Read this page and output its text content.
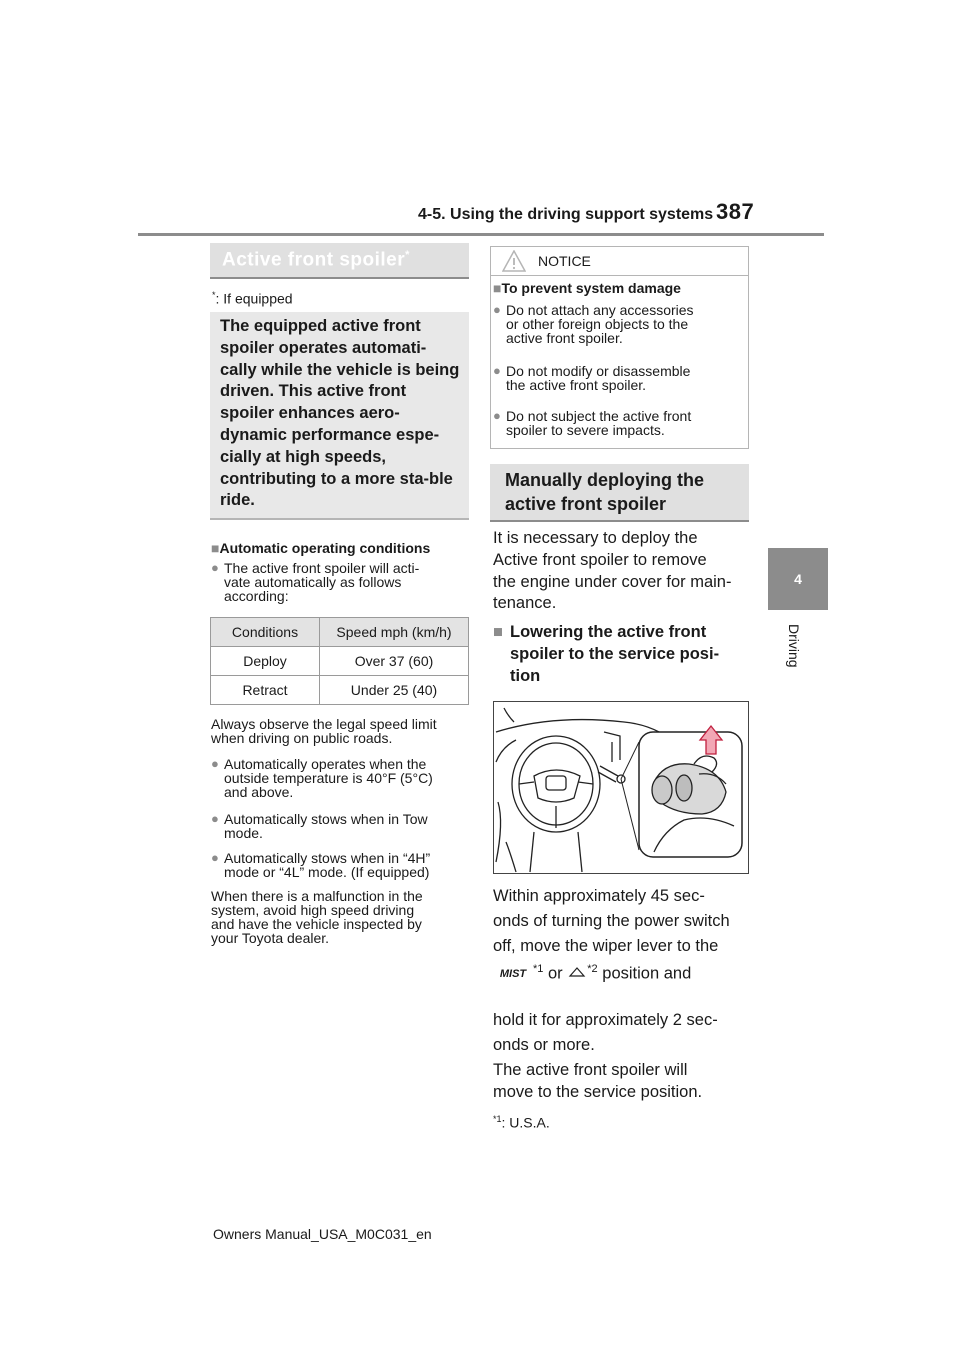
4-5. Using the driving support systems 387
4
Driving
Active front spoiler*
*: If equipped
The equipped active front spoiler operates automati-cally while the vehicle is being driven. This active front spoiler enhances aero-dynamic performance espe-cially at high speeds, contributing to a more sta-ble ride.
■Automatic operating conditions
● The active front spoiler will acti-
vate automatically as follows
according:
Conditions	Speed mph (km/h)
Deploy	Over 37 (60)
Retract	Under 25 (40)
Always observe the legal speed limit
when driving on public roads.
● Automatically operates when the
outside temperature is 40°F (5°C)
and above.
● Automatically stows when in Tow
mode.
● Automatically stows when in “4H”
mode or “4L” mode. (If equipped)
When there is a malfunction in the
system, avoid high speed driving
and have the vehicle inspected by
your Toyota dealer.
NOTICE
■To prevent system damage
● Do not attach any accessories
or other foreign objects to the
active front spoiler.
● Do not modify or disassemble
the active front spoiler.
● Do not subject the active front
spoiler to severe impacts.
Manually deploying the active front spoiler
It is necessary to deploy the
Active front spoiler to remove
the engine under cover for main-
tenance.
■ Lowering the active front spoiler to the service posi-tion
Within approximately 45 sec-
onds of turning the power switch
off, move the wiper lever to the
MIST $^{*1}$ or $^{*2}$ position and
hold it for approximately 2 sec-
onds or more.
The active front spoiler will
move to the service position.
$^{*1}$: U.S.A.
Owners Manual_USA_M0C031_en
